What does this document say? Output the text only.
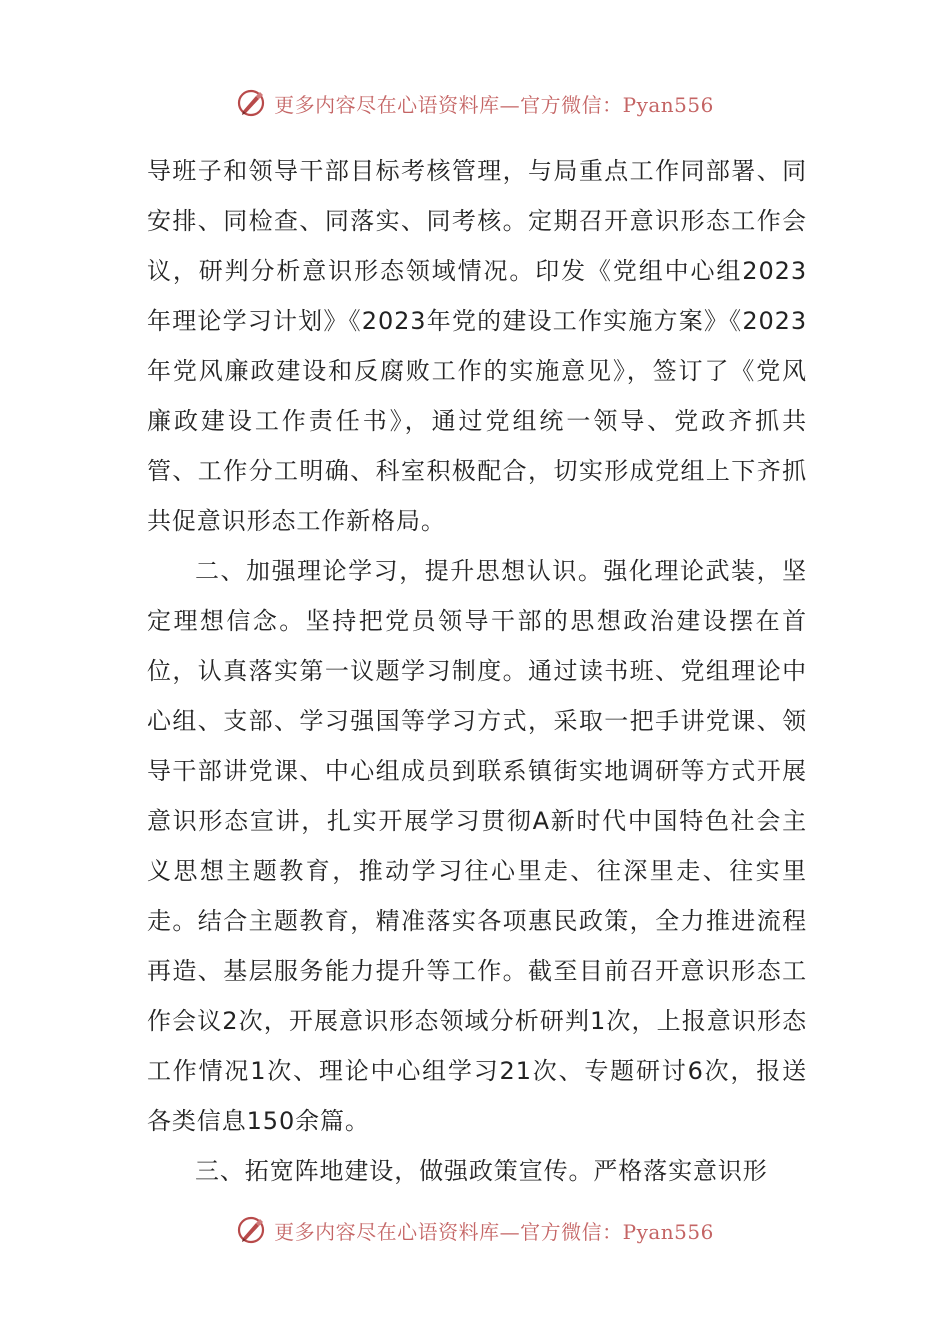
更多内容尽在心语资料库—官方微信：Pyan556

导班子和领导干部目标考核管理，与局重点工作同部署、同安排、同检查、同落实、同考核。定期召开意识形态工作会议，研判分析意识形态领域情况。印发《党组中心组2023年理论学习计划》《2023年党的建设工作实施方案》《2023年党风廉政建设和反腐败工作的实施意见》，签订了《党风廉政建设工作责任书》，通过党组统一领导、党政齐抓共管、工作分工明确、科室积极配合，切实形成党组上下齐抓共促意识形态工作新格局。

二、加强理论学习，提升思想认识。强化理论武装，坚定理想信念。坚持把党员领导干部的思想政治建设摆在首位，认真落实第一议题学习制度。通过读书班、党组理论中心组、支部、学习强国等学习方式，采取一把手讲党课、领导干部讲党课、中心组成员到联系镇街实地调研等方式开展意识形态宣讲，扎实开展学习贯彻A新时代中国特色社会主义思想主题教育，推动学习往心里走、往深里走、往实里走。结合主题教育，精准落实各项惠民政策，全力推进流程再造、基层服务能力提升等工作。截至目前召开意识形态工作会议2次，开展意识形态领域分析研判1次，上报意识形态工作情况1次、理论中心组学习21次、专题研讨6次，报送各类信息150余篇。

三、拓宽阵地建设，做强政策宣传。严格落实意识形

更多内容尽在心语资料库—官方微信：Pyan556
